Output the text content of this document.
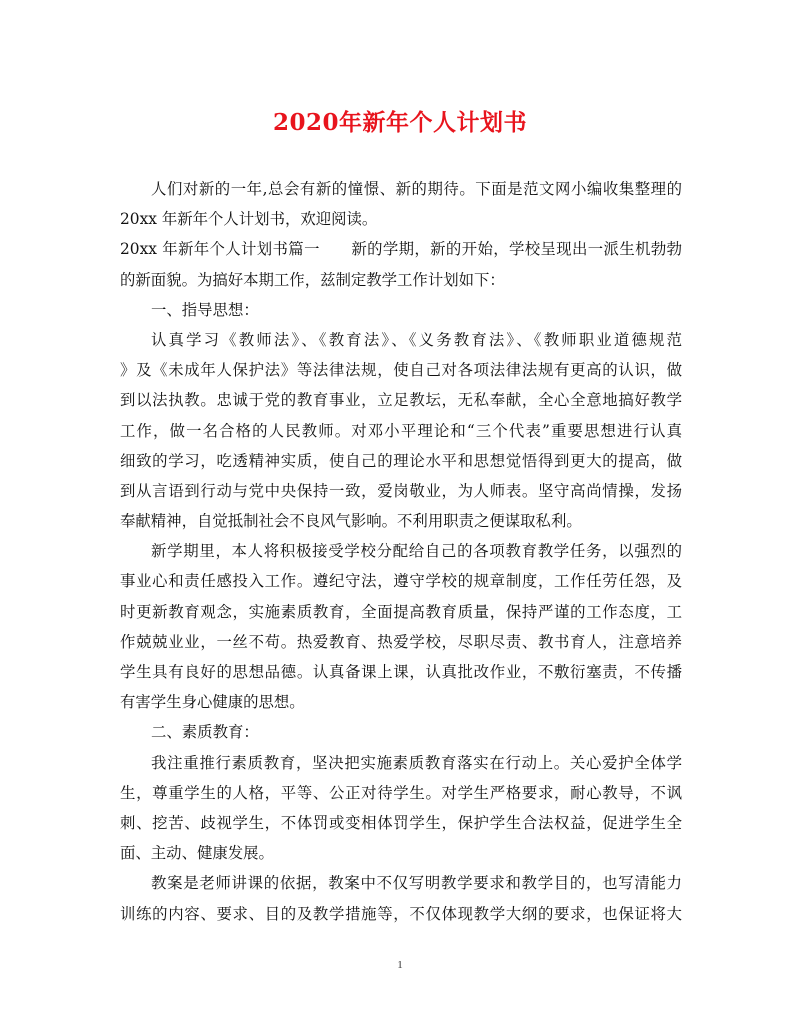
2020年新年个人计划书
人们对新的一年,总会有新的憧憬、新的期待。下面是范文网小编收集整理的
20xx 年新年个人计划书，欢迎阅读。
20xx 年新年个人计划书篇一　　新的学期，新的开始，学校呈现出一派生机勃勃
的新面貌。为搞好本期工作，兹制定教学工作计划如下：
一、指导思想：
认真学习《教师法》、《教育法》、《义务教育法》、《教师职业道德规范
》及《未成年人保护法》等法律法规，使自己对各项法律法规有更高的认识，做
到以法执教。忠诚于党的教育事业，立足教坛，无私奉献，全心全意地搞好教学
工作，做一名合格的人民教师。对邓小平理论和“三个代表”重要思想进行认真
细致的学习，吃透精神实质，使自己的理论水平和思想觉悟得到更大的提高，做
到从言语到行动与党中央保持一致，爱岗敬业，为人师表。坚守高尚情操，发扬
奉献精神，自觉抵制社会不良风气影响。不利用职责之便谋取私利。
新学期里，本人将积极接受学校分配给自己的各项教育教学任务，以强烈的
事业心和责任感投入工作。遵纪守法，遵守学校的规章制度，工作任劳任怨，及
时更新教育观念，实施素质教育，全面提高教育质量，保持严谨的工作态度，工
作兢兢业业，一丝不苟。热爱教育、热爱学校，尽职尽责、教书育人，注意培养
学生具有良好的思想品德。认真备课上课，认真批改作业，不敷衍塞责，不传播
有害学生身心健康的思想。
二、素质教育：
我注重推行素质教育，坚决把实施素质教育落实在行动上。关心爱护全体学
生，尊重学生的人格，平等、公正对待学生。对学生严格要求，耐心教导，不讽
刺、挖苦、歧视学生，不体罚或变相体罚学生，保护学生合法权益，促进学生全
面、主动、健康发展。
教案是老师讲课的依据，教案中不仅写明教学要求和教学目的，也写清能力
训练的内容、要求、目的及教学措施等，不仅体现教学大纲的要求，也保证将大
1
